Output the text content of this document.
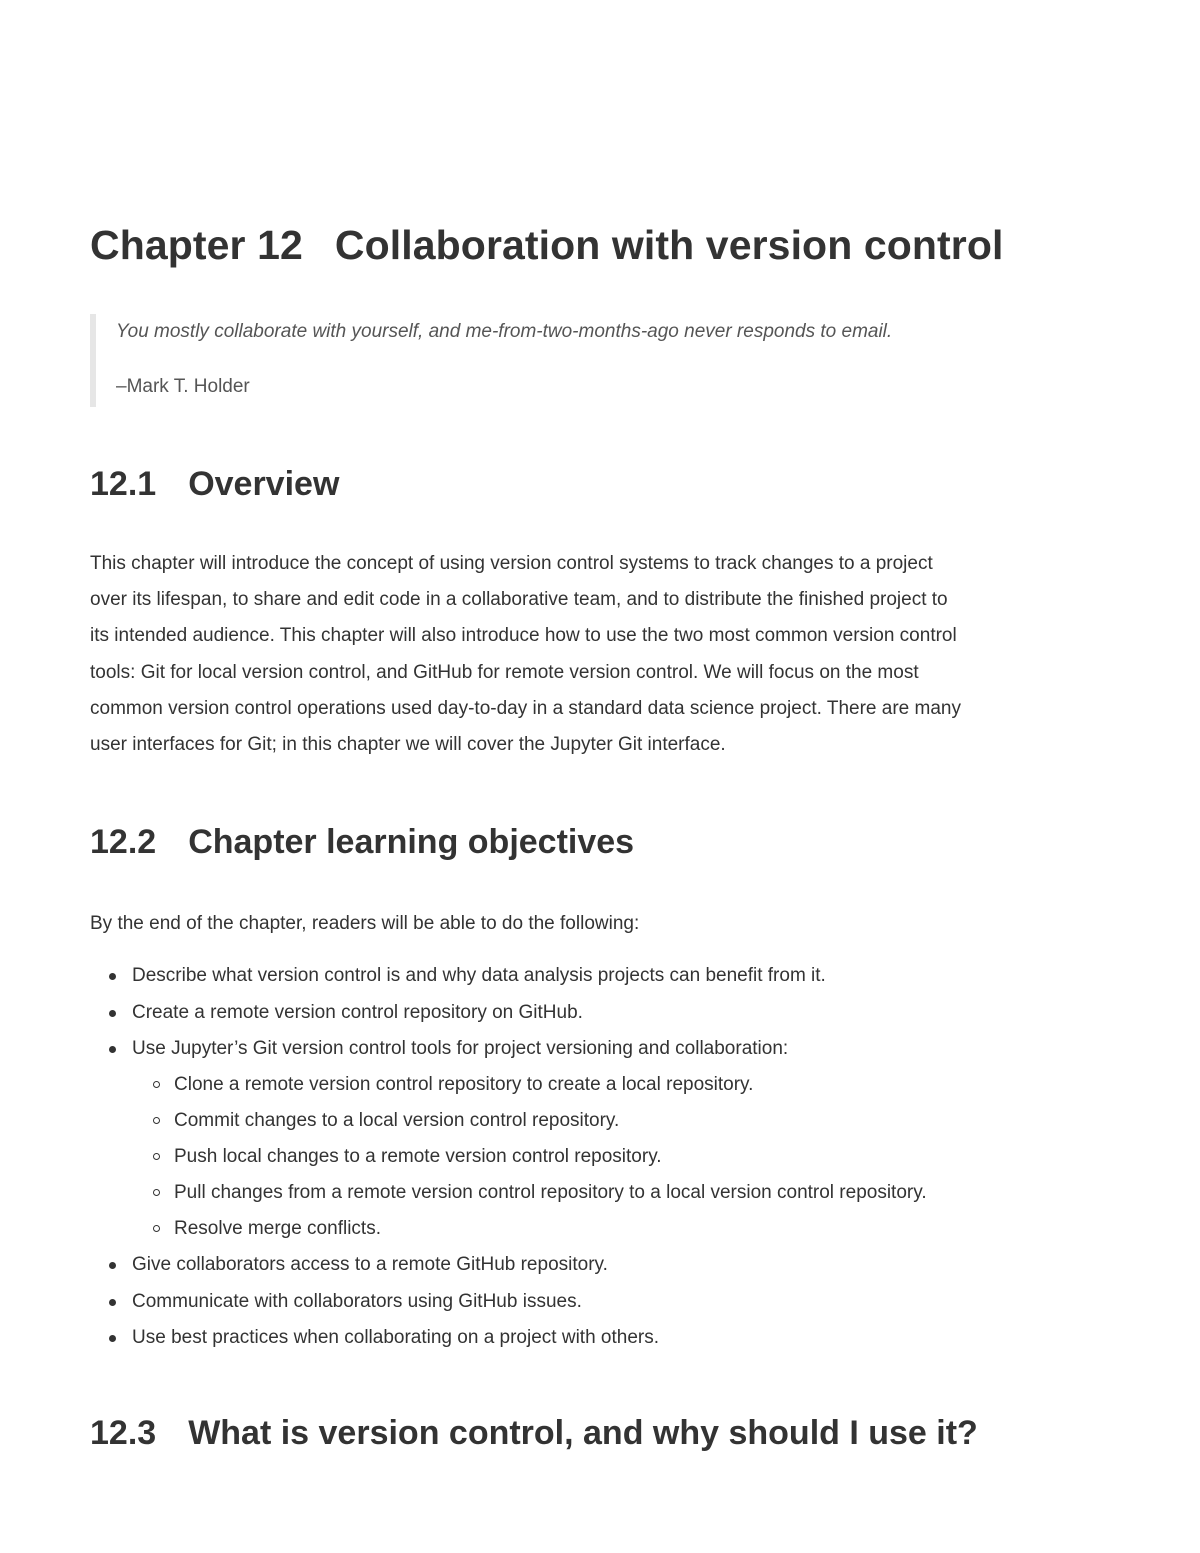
Chapter 12 Collaboration with version control

You mostly collaborate with yourself, and me-from-two-months-ago never responds to email.

–Mark T. Holder

12.1 Overview

This chapter will introduce the concept of using version control systems to track changes to a project
over its lifespan, to share and edit code in a collaborative team, and to distribute the finished project to
its intended audience. This chapter will also introduce how to use the two most common version control
tools: Git for local version control, and GitHub for remote version control. We will focus on the most
common version control operations used day-to-day in a standard data science project. There are many
user interfaces for Git; in this chapter we will cover the Jupyter Git interface.

12.2 Chapter learning objectives

By the end of the chapter, readers will be able to do the following:

Describe what version control is and why data analysis projects can benefit from it.
Create a remote version control repository on GitHub.
Use Jupyter’s Git version control tools for project versioning and collaboration:
Clone a remote version control repository to create a local repository.
Commit changes to a local version control repository.
Push local changes to a remote version control repository.
Pull changes from a remote version control repository to a local version control repository.
Resolve merge conflicts.
Give collaborators access to a remote GitHub repository.
Communicate with collaborators using GitHub issues.
Use best practices when collaborating on a project with others.
12.3 What is version control, and why should I use it?
